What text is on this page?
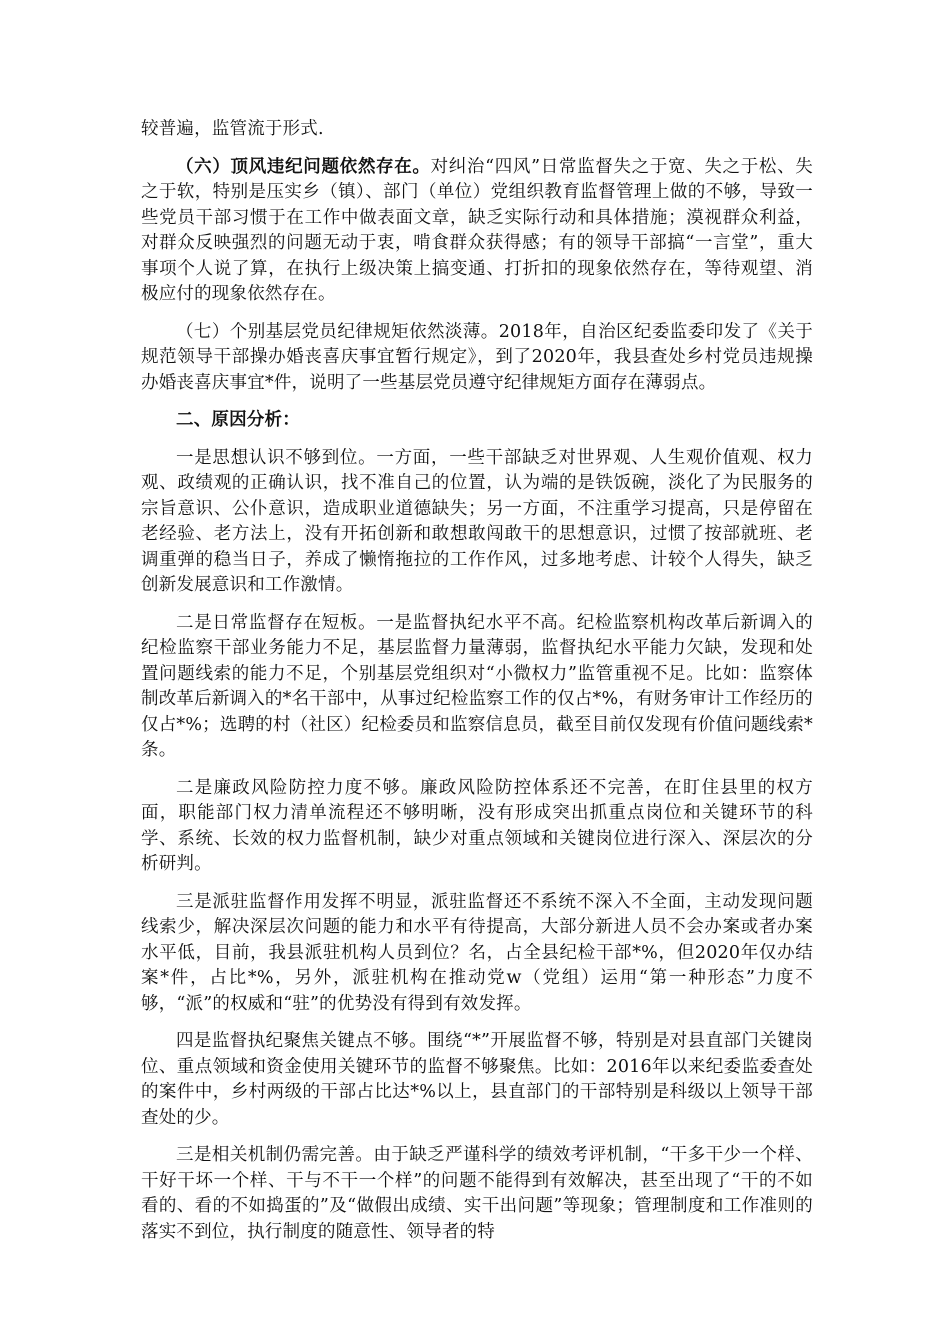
较普遍，监管流于形式.

（六）顶风违纪问题依然存在。对纠治“四风”日常监督失之于宽、失之于松、失之于软，特别是压实乡（镇）、部门（单位）党组织教育监督管理上做的不够，导致一些党员干部习惯于在工作中做表面文章，缺乏实际行动和具体措施；漠视群众利益，对群众反映强烈的问题无动于衷，啃食群众获得感；有的领导干部搞“一言堂”，重大事项个人说了算，在执行上级决策上搞变通、打折扣的现象依然存在，等待观望、消极应付的现象依然存在。

（七）个别基层党员纪律规矩依然淡薄。2018年，自治区纪委监委印发了《关于规范领导干部操办婚丧喜庆事宜暂行规定》，到了2020年，我县查处乡村党员违规操办婚丧喜庆事宜*件，说明了一些基层党员遵守纪律规矩方面存在薄弱点。

二、原因分析：

一是思想认识不够到位。一方面，一些干部缺乏对世界观、人生观价值观、权力观、政绩观的正确认识，找不准自己的位置，认为端的是铁饭碗，淡化了为民服务的宗旨意识、公仆意识，造成职业道德缺失；另一方面，不注重学习提高，只是停留在老经验、老方法上，没有开拓创新和敢想敢闯敢干的思想意识，过惯了按部就班、老调重弹的稳当日子，养成了懒惰拖拉的工作作风，过多地考虑、计较个人得失，缺乏创新发展意识和工作激情。

二是日常监督存在短板。一是监督执纪水平不高。纪检监察机构改革后新调入的纪检监察干部业务能力不足，基层监督力量薄弱，监督执纪水平能力欠缺，发现和处置问题线索的能力不足，个别基层党组织对“小微权力”监管重视不足。比如：监察体制改革后新调入的*名干部中，从事过纪检监察工作的仅占*%，有财务审计工作经历的仅占*%；选聘的村（社区）纪检委员和监察信息员，截至目前仅发现有价值问题线索*条。

二是廉政风险防控力度不够。廉政风险防控体系还不完善，在盯住县里的权方面，职能部门权力清单流程还不够明晰，没有形成突出抓重点岗位和关键环节的科学、系统、长效的权力监督机制，缺少对重点领域和关键岗位进行深入、深层次的分析研判。

三是派驻监督作用发挥不明显，派驻监督还不系统不深入不全面，主动发现问题线索少，解决深层次问题的能力和水平有待提高，大部分新进人员不会办案或者办案水平低，目前，我县派驻机构人员到位？名，占全县纪检干部*%，但2020年仅办结案*件，占比*%，另外，派驻机构在推动党w（党组）运用“第一种形态”力度不够，“派”的权威和“驻”的优势没有得到有效发挥。

四是监督执纪聚焦关键点不够。围绕“*”开展监督不够，特别是对县直部门关键岗位、重点领域和资金使用关键环节的监督不够聚焦。比如：2016年以来纪委监委查处的案件中，乡村两级的干部占比达*%以上，县直部门的干部特别是科级以上领导干部查处的少。

三是相关机制仍需完善。由于缺乏严谨科学的绩效考评机制，“干多干少一个样、干好干坏一个样、干与不干一个样”的问题不能得到有效解决，甚至出现了“干的不如看的、看的不如捣蛋的”及“做假出成绩、实干出问题”等现象；管理制度和工作准则的落实不到位，执行制度的随意性、领导者的特
